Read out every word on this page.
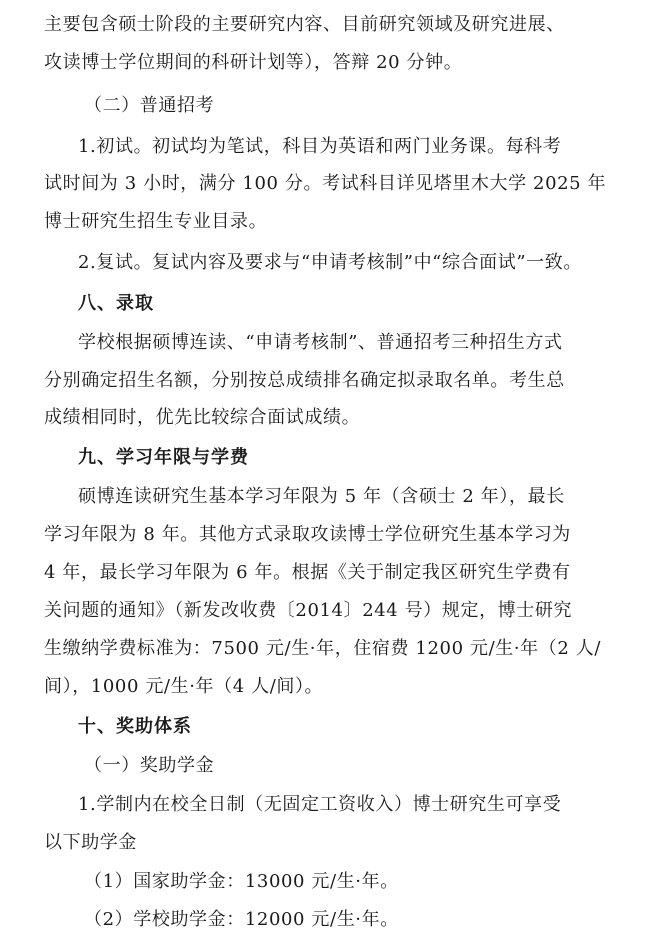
主要包含硕士阶段的主要研究内容、目前研究领域及研究进展、
攻读博士学位期间的科研计划等），答辩 20 分钟。
（二）普通招考
1.初试。初试均为笔试，科目为英语和两门业务课。每科考
试时间为 3 小时，满分 100 分。考试科目详见塔里木大学 2025 年
博士研究生招生专业目录。
2.复试。复试内容及要求与“申请考核制”中“综合面试”一致。
八、录取
学校根据硕博连读、“申请考核制”、普通招考三种招生方式
分别确定招生名额，分别按总成绩排名确定拟录取名单。考生总
成绩相同时，优先比较综合面试成绩。
九、学习年限与学费
硕博连读研究生基本学习年限为 5 年（含硕士 2 年），最长
学习年限为 8 年。其他方式录取攻读博士学位研究生基本学习为
4 年，最长学习年限为 6 年。根据《关于制定我区研究生学费有
关问题的通知》（新发改收费〔2014〕244 号）规定，博士研究
生缴纳学费标准为：7500 元/生·年，住宿费 1200 元/生·年（2 人/
间），1000 元/生·年（4 人/间）。
十、奖助体系
（一）奖助学金
1.学制内在校全日制（无固定工资收入）博士研究生可享受
以下助学金
（1）国家助学金：13000 元/生·年。
（2）学校助学金：12000 元/生·年。
